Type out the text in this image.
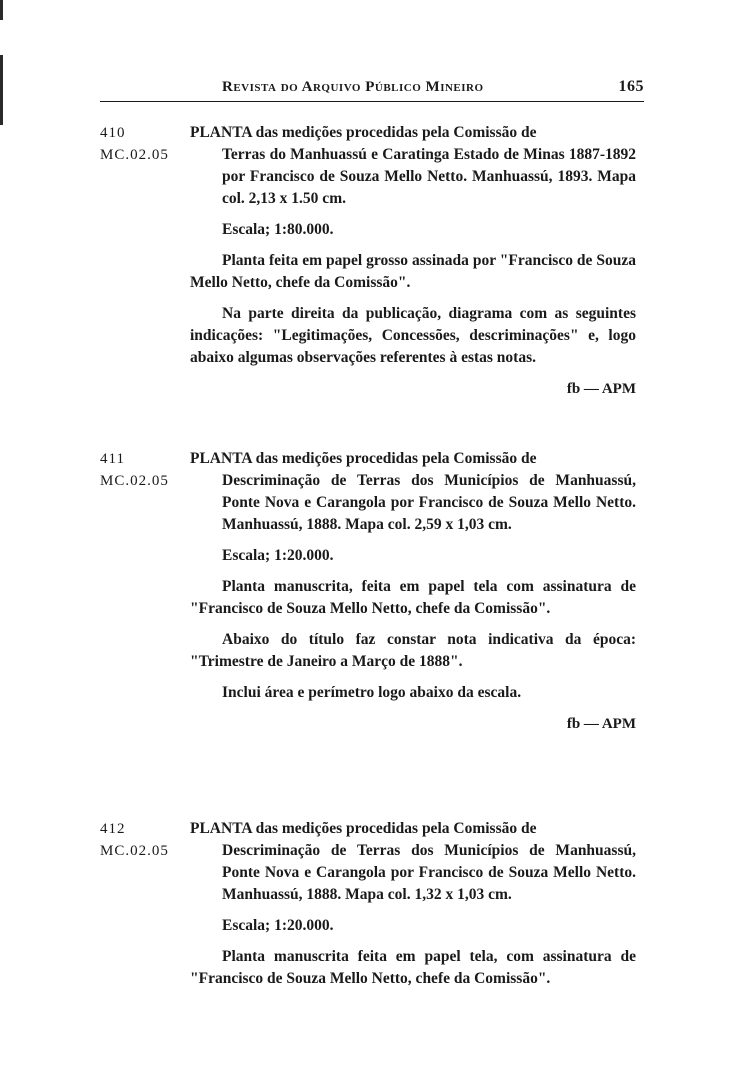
Revista do Arquivo Público Mineiro	165
410
MC.02.05

PLANTA das medições procedidas pela Comissão de
Terras do Manhuassú e Caratinga Estado de Minas 1887-1892 por Francisco de Souza Mello Netto. Manhuassú, 1893. Mapa col. 2,13 x 1.50 cm.

Escala; 1:80.000.

Planta feita em papel grosso assinada por "Francisco de Souza Mello Netto, chefe da Comissão".

Na parte direita da publicação, diagrama com as seguintes indicações: "Legitimações, Concessões, descriminações" e, logo abaixo algumas observações referentes à estas notas.

fb — APM
411
MC.02.05

PLANTA das medições procedidas pela Comissão de
Descriminação de Terras dos Municípios de Manhuassú, Ponte Nova e Carangola por Francisco de Souza Mello Netto. Manhuassú, 1888. Mapa col. 2,59 x 1,03 cm.

Escala; 1:20.000.

Planta manuscrita, feita em papel tela com assinatura de "Francisco de Souza Mello Netto, chefe da Comissão".

Abaixo do título faz constar nota indicativa da época: "Trimestre de Janeiro a Março de 1888".

Inclui área e perímetro logo abaixo da escala.

fb — APM
412
MC.02.05

PLANTA das medições procedidas pela Comissão de
Descriminação de Terras dos Municípios de Manhuassú, Ponte Nova e Carangola por Francisco de Souza Mello Netto. Manhuassú, 1888. Mapa col. 1,32 x 1,03 cm.

Escala; 1:20.000.

Planta manuscrita feita em papel tela, com assinatura de "Francisco de Souza Mello Netto, chefe da Comissão".
